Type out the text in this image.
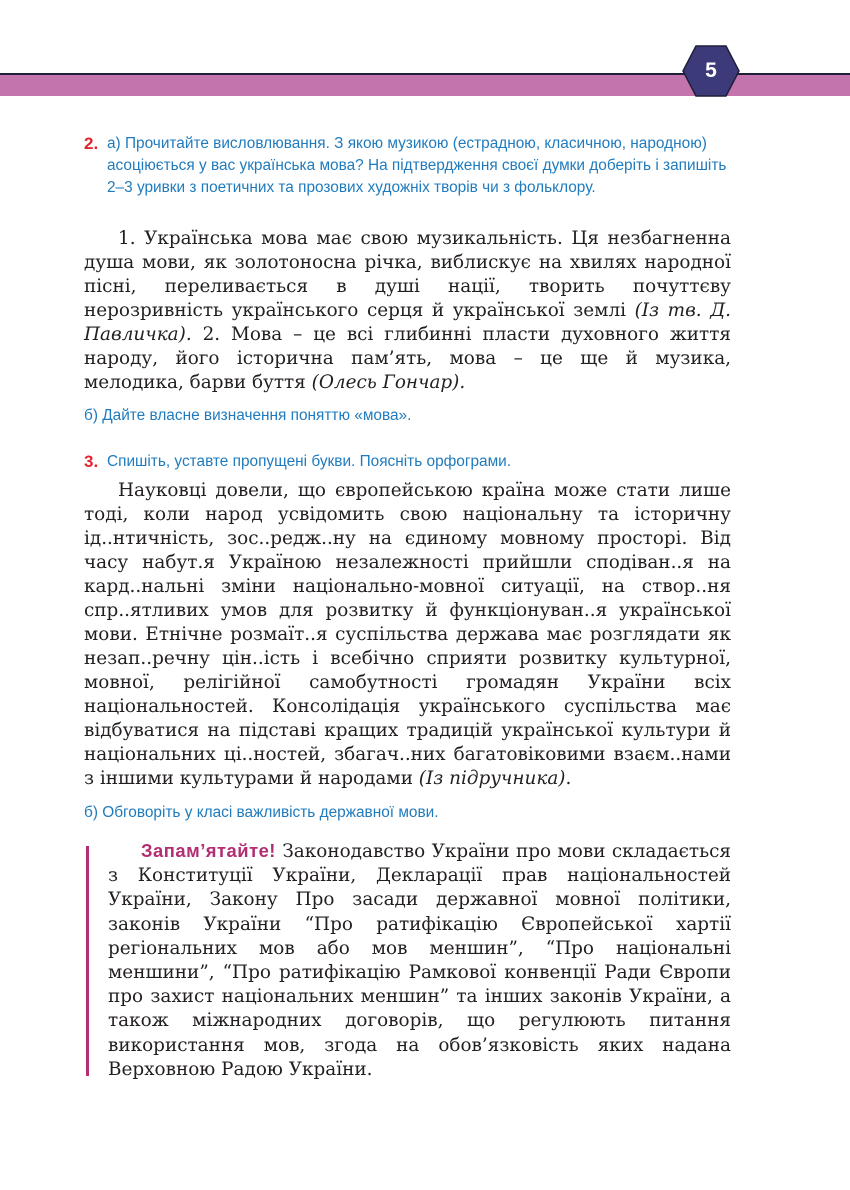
5
2. а) Прочитайте висловлювання. З якою музикою (естрадною, класичною, народною) асоціюється у вас українська мова? На підтвердження своєї думки доберіть і запишіть 2–3 уривки з поетичних та прозових художніх творів чи з фольклору.
1. Українська мова має свою музикальність. Ця незбагненна душа мови, як золотоносна річка, виблискує на хвилях народної пісні, переливається в душі нації, творить почуттєву нерозривність українського серця й української землі (Із тв. Д. Павличка). 2. Мова – це всі глибинні пласти духовного життя народу, його історична пам’ять, мова – це ще й музика, мелодика, барви буття (Олесь Гончар).
б) Дайте власне визначення поняттю «мова».
3. Спишіть, уставте пропущені букви. Поясніть орфограми.
Науковці довели, що європейською країна може стати лише тоді, коли народ усвідомить свою національну та історичну ід..нтичність, зос..редж..ну на єдиному мовному просторі. Від часу набут.я Україною незалежності прийшли сподіван..я на кард..нальні зміни національно-мовної ситуації, на створ..ня спр..ятливих умов для розвитку й функціонуван..я української мови. Етнічне розмаїт..я суспільства держава має розглядати як незап..речну цін..ість і всебічно сприяти розвитку культурної, мовної, релігійної самобутності громадян України всіх національностей. Консолідація українського суспільства має відбуватися на підставі кращих традицій української культури й національних ці..ностей, збагач..них багатовіковими взаєм..нами з іншими культурами й народами (Із підручника).
б) Обговоріть у класі важливість державної мови.
Запам’ятайте! Законодавство України про мови складається з Конституції України, Декларації прав національностей України, Закону Про засади державної мовної політики, законів України “Про ратифікацію Європейської хартії регіональних мов або мов меншин”, “Про національні меншини”, “Про ратифікацію Рамкової конвенції Ради Європи про захист національних меншин” та інших законів України, а також міжнародних договорів, що регулюють питання використання мов, згода на обов’язковість яких надана Верховною Радою України.
